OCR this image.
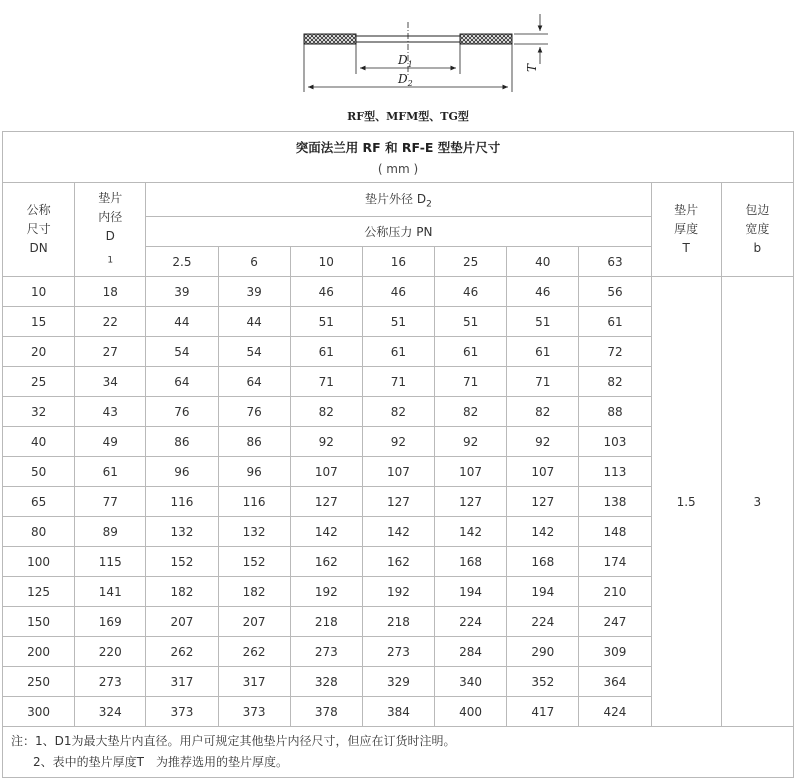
$D_1$
$D_2$
T
RF型、MFM型、TG型
突面法兰用 RF 和 RF-E 型垫片尺寸
( mm )										

公称
尺寸
DN	垫片
内径
D
$_1$	垫片外径 $D_2$							垫片
厚度
T	包边
宽度
b

		公称压力 PN								
		2.5	6	10	16	25	40	63		
10	18	39	39	46	46	46	46	56	1.5	3
15	22	44	44	51	51	51	51	61		
20	27	54	54	61	61	61	61	72		
25	34	64	64	71	71	71	71	82		
32	43	76	76	82	82	82	82	88		
40	49	86	86	92	92	92	92	103		
50	61	96	96	107	107	107	107	113		
65	77	116	116	127	127	127	127	138		
80	89	132	132	142	142	142	142	148		
100	115	152	152	162	162	168	168	174		
125	141	182	182	192	192	194	194	210		
150	169	207	207	218	218	224	224	247		
200	220	262	262	273	273	284	290	309		
250	273	317	317	328	329	340	352	364		
300	324	373	373	378	384	400	417	424		

注：1、D1为最大垫片内直径。用户可规定其他垫片内径尺寸，但应在订货时注明。
2、表中的垫片厚度T　为推荐选用的垫片厚度。										
